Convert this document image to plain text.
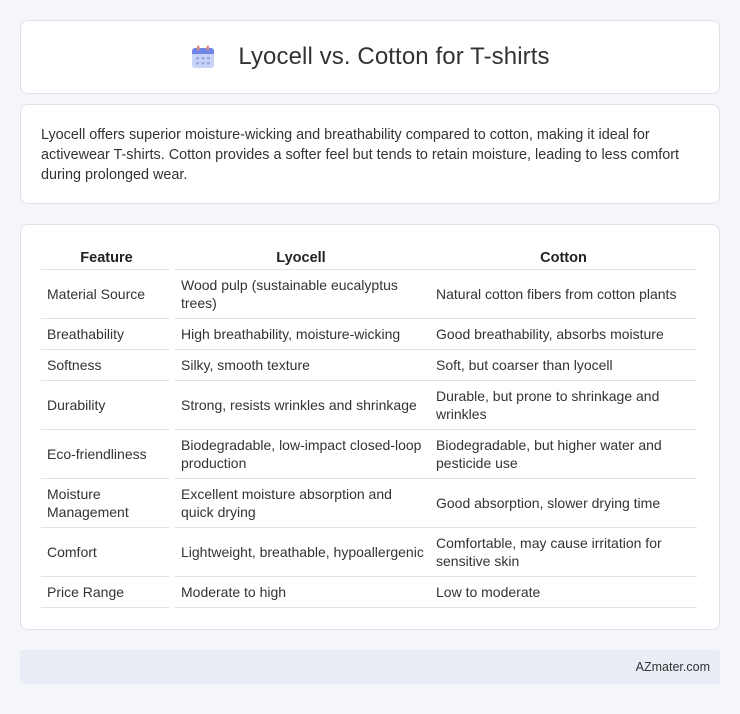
Lyocell vs. Cotton for T-shirts

Lyocell offers superior moisture-wicking and breathability compared to cotton, making it ideal for activewear T-shirts. Cotton provides a softer feel but tends to retain moisture, leading to less comfort during prolonged wear.

Feature	Lyocell	Cotton
Material Source	Wood pulp (sustainable eucalyptus trees)	Natural cotton fibers from cotton plants
Breathability	High breathability, moisture-wicking	Good breathability, absorbs moisture
Softness	Silky, smooth texture	Soft, but coarser than lyocell
Durability	Strong, resists wrinkles and shrinkage	Durable, but prone to shrinkage and wrinkles
Eco-friendliness	Biodegradable, low-impact closed-loop production	Biodegradable, but higher water and pesticide use
Moisture Management	Excellent moisture absorption and quick drying	Good absorption, slower drying time
Comfort	Lightweight, breathable, hypoallergenic	Comfortable, may cause irritation for sensitive skin
Price Range	Moderate to high	Low to moderate
AZmater.com
